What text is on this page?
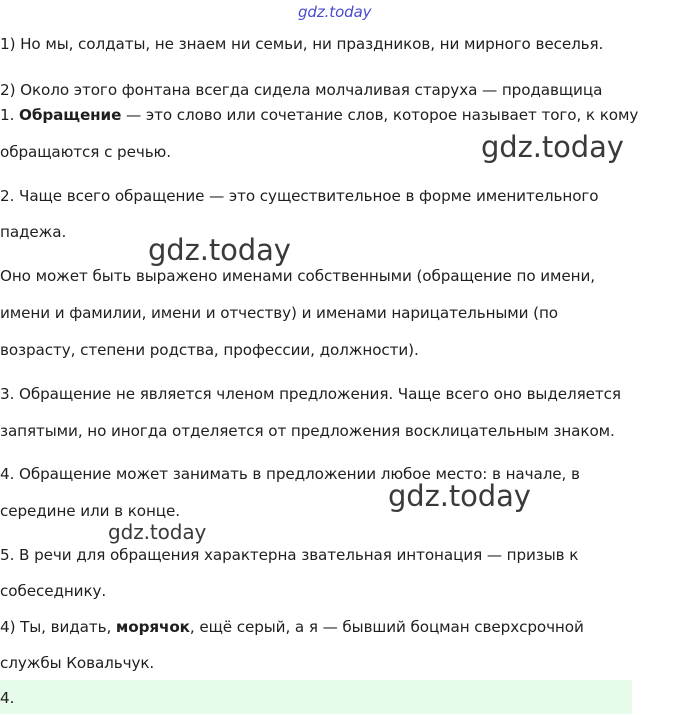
gdz.today
1) Но мы, солдаты, не знаем ни семьи, ни праздников, ни мирного веселья.
2) Около этого фонтана всегда сидела молчаливая старуха — продавщица
1. Обращение — это слово или сочетание слов, которое называет того, к кому
обращаются с речью.	gdz.today
2. Чаще всего обращение — это существительное в форме именительного
падежа.
gdz.today
Оно может быть выражено именами собственными (обращение по имени,
имени и фамилии, имени и отчеству) и именами нарицательными (по
возрасту, степени родства, профессии, должности).
3. Обращение не является членом предложения. Чаще всего оно выделяется
запятыми, но иногда отделяется от предложения восклицательным знаком.
4. Обращение может занимать в предложении любое место: в начале, в
gdz.today
середине или в конце.
gdz.today
5. В речи для обращения характерна звательная интонация — призыв к
собеседнику.
4) Ты, видать, морячок, ещё серый, а я — бывший боцман сверхсрочной
службы Ковальчук.
4.
